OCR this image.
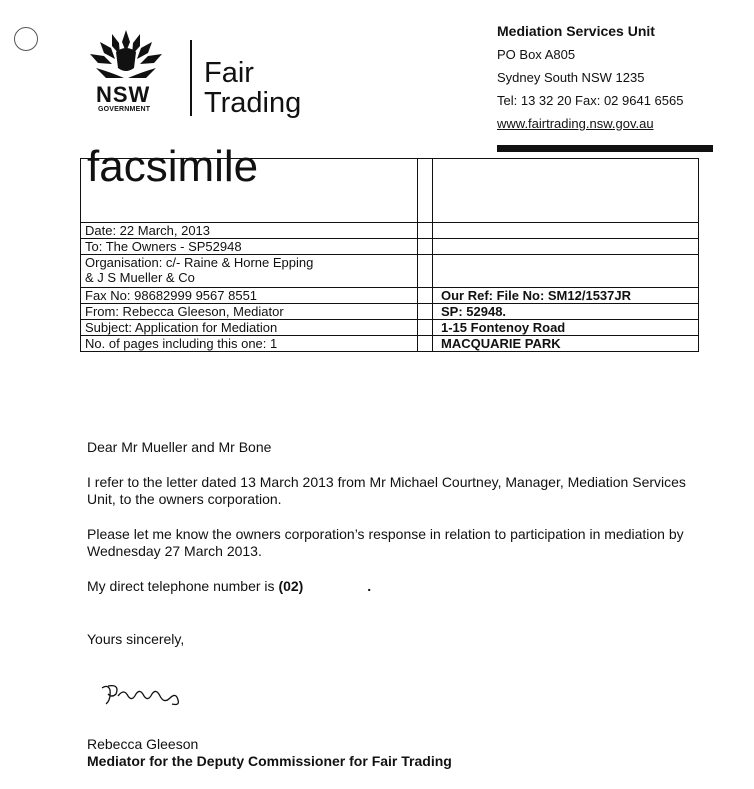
NSW
GOVERNMENT
Fair
Trading
Mediation Services Unit
PO Box A805
Sydney South NSW 1235
Tel: 13 32 20 Fax: 02 9641 6565
www.fairtrading.nsw.gov.au
facsimile		
Date: 22 March, 2013		
To: The Owners - SP52948		

Organisation: c/- Raine & Horne Epping
& J S Mueller & Co		

Fax No: 98682999 9567 8551		Our Ref: File No: SM12/1537JR
From: Rebecca Gleeson, Mediator		SP: 52948.
Subject: Application for Mediation		1-15 Fontenoy Road
No. of pages including this one: 1		MACQUARIE PARK
Dear Mr Mueller and Mr Bone
I refer to the letter dated 13 March 2013 from Mr Michael Courtney, Manager, Mediation Services Unit, to the owners corporation.
Please let me know the owners corporation’s response in relation to participation in mediation by Wednesday 27 March 2013.
My direct telephone number is (02)	.
Yours sincerely,
Rebecca Gleeson
Mediator for the Deputy Commissioner for Fair Trading
